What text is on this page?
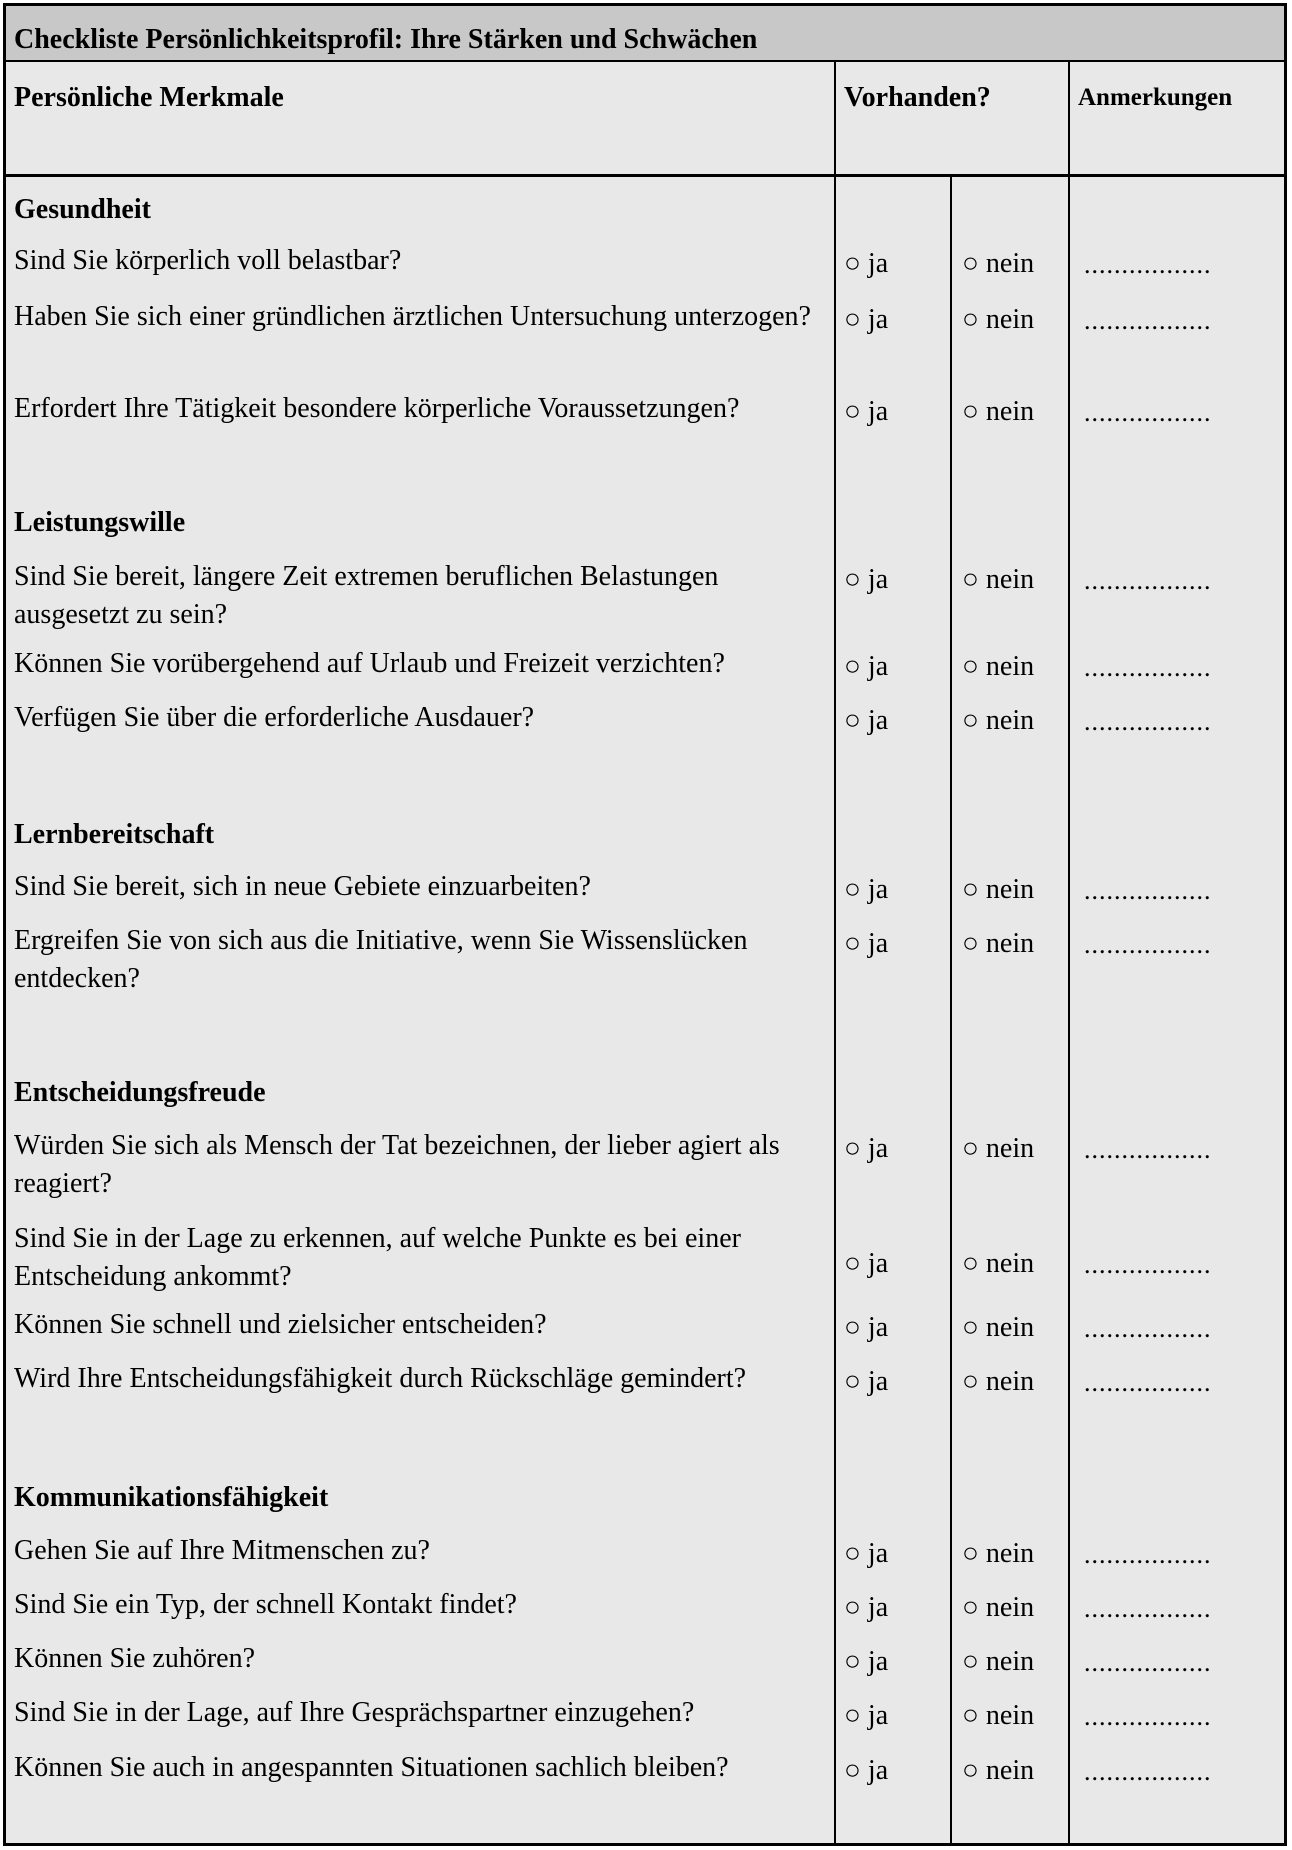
Checkliste Persönlichkeitsprofil: Ihre Stärken und Schwächen
Persönliche Merkmale	Vorhanden?	Anmerkungen
Gesundheit
Sind Sie körperlich voll belastbar?	○ ja	○ nein .................
Haben Sie sich einer gründlichen ärztlichen Untersuchung unterzogen?	○ ja	○ nein .................
Erfordert Ihre Tätigkeit besondere körperliche Voraussetzungen?	○ ja	○ nein .................
Leistungswille
Sind Sie bereit, längere Zeit extremen beruflichen Belastungen ausgesetzt zu sein?
○ ja	○ nein .................
Können Sie vorübergehend auf Urlaub und Freizeit verzichten?	○ ja	○ nein .................
Verfügen Sie über die erforderliche Ausdauer?	○ ja	○ nein .................
Lernbereitschaft
Sind Sie bereit, sich in neue Gebiete einzuarbeiten?	○ ja	○ nein .................
Ergreifen Sie von sich aus die Initiative, wenn Sie Wissenslücken entdecken?
○ ja	○ nein .................
Entscheidungsfreude
Würden Sie sich als Mensch der Tat bezeichnen, der lieber agiert als reagiert?
○ ja	○ nein .................
Sind Sie in der Lage zu erkennen, auf welche Punkte es bei einer Entscheidung ankommt?	○ ja	○ nein .................
Können Sie schnell und zielsicher entscheiden?	○ ja	○ nein .................
Wird Ihre Entscheidungsfähigkeit durch Rückschläge gemindert?	○ ja	○ nein .................
Kommunikationsfähigkeit
Gehen Sie auf Ihre Mitmenschen zu?	○ ja	○ nein .................
Sind Sie ein Typ, der schnell Kontakt findet?	○ ja	○ nein .................
Können Sie zuhören?	○ ja	○ nein .................
Sind Sie in der Lage, auf Ihre Gesprächspartner einzugehen?	○ ja	○ nein .................
Können Sie auch in angespannten Situationen sachlich bleiben?	○ ja	○ nein .................
